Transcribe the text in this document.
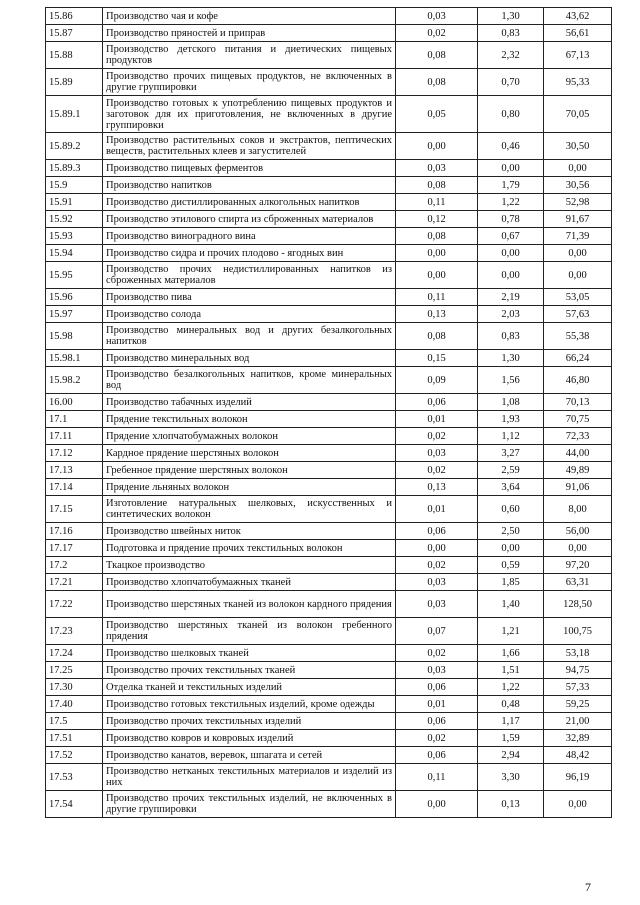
15.86	Производство чая и кофе	0,03	1,30	43,62
15.87	Производство пряностей и приправ	0,02	0,83	56,61
15.88	Производство детского питания и диетических пищевых продуктов	0,08	2,32	67,13
15.89	Производство прочих пищевых продуктов, не включенных в другие группировки	0,08	0,70	95,33
15.89.1	Производство готовых к употреблению пищевых продуктов и заготовок для их приготовления, не включенных в другие группировки	0,05	0,80	70,05
15.89.2	Производство растительных соков и экстрактов, пептических веществ, растительных клеев и загустителей	0,00	0,46	30,50
15.89.3	Производство пищевых ферментов	0,03	0,00	0,00
15.9	Производство напитков	0,08	1,79	30,56
15.91	Производство дистиллированных алкогольных напитков	0,11	1,22	52,98
15.92	Производство этилового спирта из сброженных материалов	0,12	0,78	91,67
15.93	Производство виноградного вина	0,08	0,67	71,39
15.94	Производство сидра и прочих плодово - ягодных вин	0,00	0,00	0,00
15.95	Производство прочих недистиллированных напитков из сброженных материалов	0,00	0,00	0,00
15.96	Производство пива	0,11	2,19	53,05
15.97	Производство солода	0,13	2,03	57,63
15.98	Производство минеральных вод и других безалкогольных напитков	0,08	0,83	55,38
15.98.1	Производство минеральных вод	0,15	1,30	66,24
15.98.2	Производство безалкогольных напитков, кроме минеральных вод	0,09	1,56	46,80
16.00	Производство табачных изделий	0,06	1,08	70,13
17.1	Прядение текстильных волокон	0,01	1,93	70,75
17.11	Прядение хлопчатобумажных волокон	0,02	1,12	72,33
17.12	Кардное прядение шерстяных волокон	0,03	3,27	44,00
17.13	Гребенное прядение шерстяных волокон	0,02	2,59	49,89
17.14	Прядение льняных волокон	0,13	3,64	91,06
17.15	Изготовление натуральных шелковых, искусственных и синтетических волокон	0,01	0,60	8,00
17.16	Производство швейных ниток	0,06	2,50	56,00
17.17	Подготовка и прядение прочих текстильных волокон	0,00	0,00	0,00
17.2	Ткацкое производство	0,02	0,59	97,20
17.21	Производство хлопчатобумажных тканей	0,03	1,85	63,31
17.22	Производство шерстяных тканей из волокон кардного прядения	0,03	1,40	128,50
17.23	Производство шерстяных тканей из волокон гребенного прядения	0,07	1,21	100,75
17.24	Производство шелковых тканей	0,02	1,66	53,18
17.25	Производство прочих текстильных тканей	0,03	1,51	94,75
17.30	Отделка тканей и текстильных изделий	0,06	1,22	57,33
17.40	Производство готовых текстильных изделий, кроме одежды	0,01	0,48	59,25
17.5	Производство прочих текстильных изделий	0,06	1,17	21,00
17.51	Производство ковров и ковровых изделий	0,02	1,59	32,89
17.52	Производство канатов, веревок, шпагата и сетей	0,06	2,94	48,42
17.53	Производство нетканых текстильных материалов и изделий из них	0,11	3,30	96,19
17.54	Производство прочих текстильных изделий, не включенных в другие группировки	0,00	0,13	0,00
7
